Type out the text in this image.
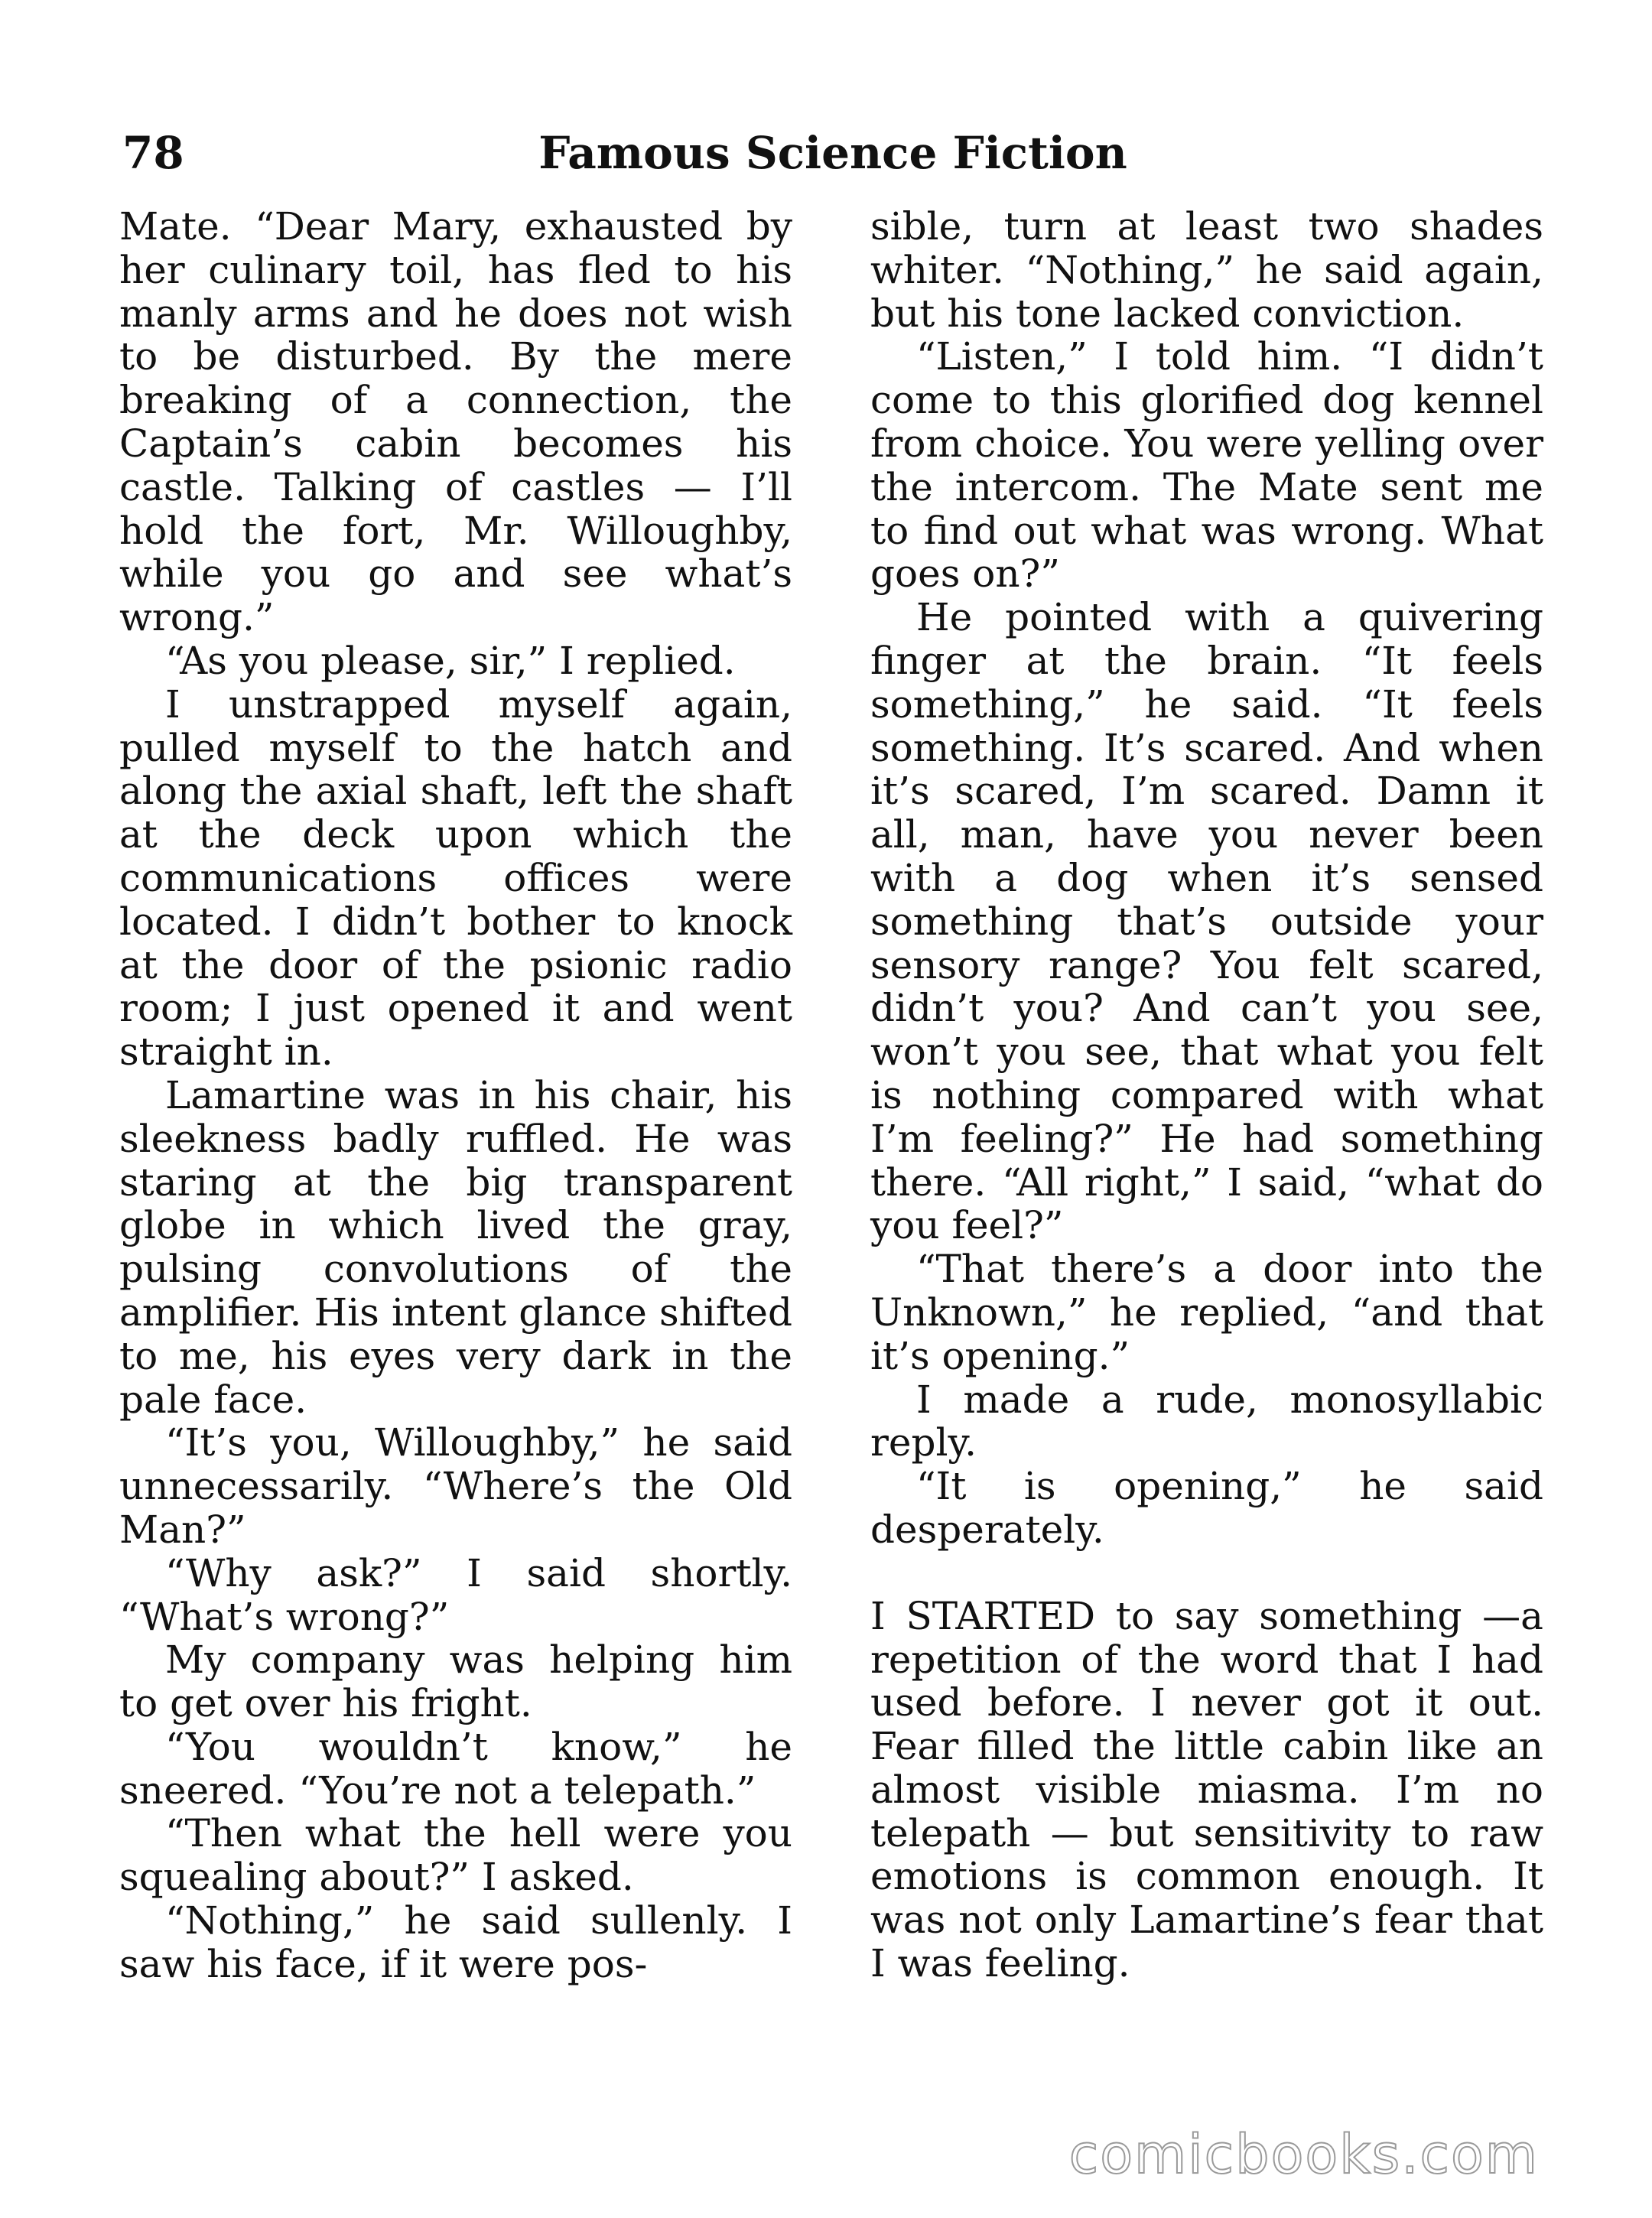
78	Famous Science Fiction

Mate. “Dear Mary, exhausted by her culinary toil, has fled to his manly arms and he does not wish to be disturbed. By the mere breaking of a connection, the Captain’s cabin becomes his castle. Talking of castles — I’ll hold the fort, Mr. Willoughby, while you go and see what’s wrong.”

“As you please, sir,” I replied.

I unstrapped myself again, pulled myself to the hatch and along the axial shaft, left the shaft at the deck upon which the communications offices were located. I didn’t bother to knock at the door of the psionic radio room; I just opened it and went straight in.

Lamartine was in his chair, his sleekness badly ruffled. He was staring at the big transparent globe in which lived the gray, pulsing convolutions of the amplifier. His intent glance shifted to me, his eyes very dark in the pale face.

“It’s you, Willoughby,” he said unnecessarily. “Where’s the Old Man?”

“Why ask?” I said shortly. “What’s wrong?”

My company was helping him to get over his fright.

“You wouldn’t know,” he sneered. “You’re not a telepath.”

“Then what the hell were you squealing about?” I asked.

“Nothing,” he said sullenly. I saw his face, if it were pos-

sible, turn at least two shades whiter. “Nothing,” he said again, but his tone lacked conviction.

“Listen,” I told him. “I didn’t come to this glorified dog kennel from choice. You were yelling over the intercom. The Mate sent me to find out what was wrong. What goes on?”

He pointed with a quivering finger at the brain. “It feels something,” he said. “It feels something. It’s scared. And when it’s scared, I’m scared. Damn it all, man, have you never been with a dog when it’s sensed something that’s outside your sensory range? You felt scared, didn’t you? And can’t you see, won’t you see, that what you felt is nothing compared with what I’m feeling?” He had something there. “All right,” I said, “what do you feel?”

“That there’s a door into the Unknown,” he replied, “and that it’s opening.”

I made a rude, monosyllabic reply.

“It is opening,” he said desperately.

I STARTED to say something —a repetition of the word that I had used before. I never got it out. Fear filled the little cabin like an almost visible miasma. I’m no telepath — but sensitivity to raw emotions is common enough. It was not only Lamartine’s fear that I was feeling.

comicbooks.com
